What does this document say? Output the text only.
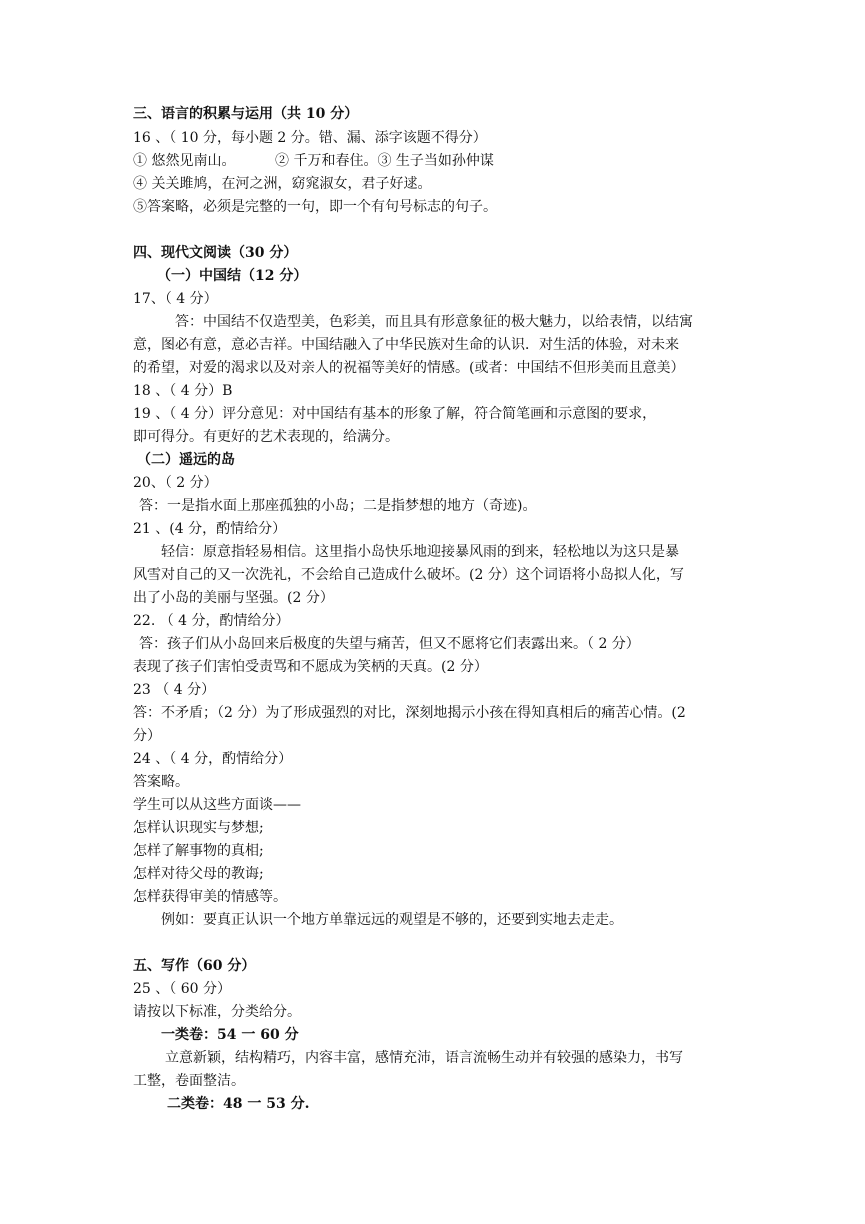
三、语言的积累与运用（共 10 分）
16 、（ 10 分，每小题 2 分。错、漏、添字该题不得分）
① 悠然见南山。	② 千万和春住。③ 生子当如孙仲谋
④ 关关雎鸠，在河之洲，窈窕淑女，君子好逑。
⑤答案略，必须是完整的一句，即一个有句号标志的句子。
四、现代文阅读（30 分）
（一）中国结（12 分）
17、（ 4 分）
答：中国结不仅造型美，色彩美，而且具有形意象征的极大魅力，以给表情，以结寓
意，图必有意，意必吉祥。中国结融入了中华民族对生命的认识．对生活的体验，对未来
的希望，对爱的渴求以及对亲人的祝福等美好的情感。(或者：中国结不但形美而且意美）
18 、（ 4 分）B
19 、（ 4 分）评分意见：对中国结有基本的形象了解，符合简笔画和示意图的要求，
即可得分。有更好的艺术表现的，给满分。
（二）遥远的岛
20、（ 2 分）
答：一是指水面上那座孤独的小岛；二是指梦想的地方（奇迹)。
21 、(4 分，酌情给分）
轻信：原意指轻易相信。这里指小岛快乐地迎接暴风雨的到来，轻松地以为这只是暴
风雪对自己的又一次洗礼，不会给自己造成什么破坏。(2 分）这个词语将小岛拟人化，写
出了小岛的美丽与坚强。(2 分）
22. （ 4 分，酌情给分）
答：孩子们从小岛回来后极度的失望与痛苦，但又不愿将它们表露出来。（ 2 分）
表现了孩子们害怕受责骂和不愿成为笑柄的天真。(2 分）
23 （ 4 分）
答：不矛盾；（2 分）为了形成强烈的对比，深刻地揭示小孩在得知真相后的痛苦心情。(2
分）
24 、（ 4 分，酌情给分）
答案略。
学生可以从这些方面谈——
怎样认识现实与梦想;
怎样了解事物的真相;
怎样对待父母的教诲;
怎样获得审美的情感等。
例如：要真正认识一个地方单靠远远的观望是不够的，还要到实地去走走。
五、写作（60 分）
25 、（ 60 分）
请按以下标准，分类给分。
一类卷：54 一 60 分
立意新颖，结构精巧，内容丰富，感情充沛，语言流畅生动并有较强的感染力，书写
工整，卷面整洁。
二类卷：48 一 53 分.
